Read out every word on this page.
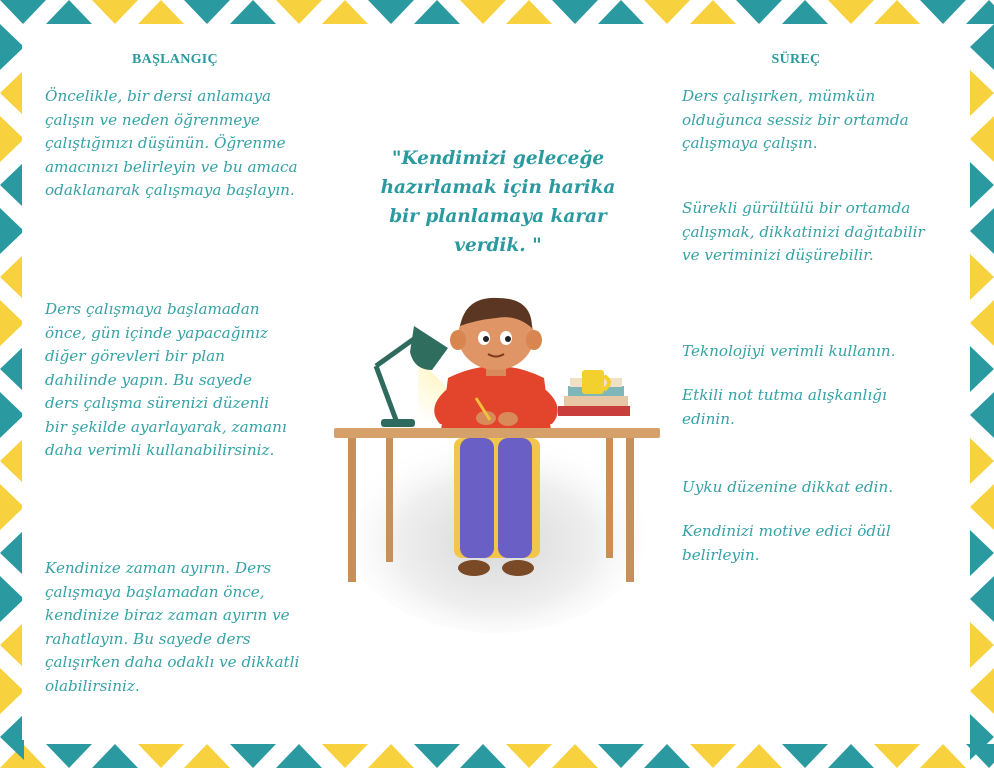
BAŞLANGIÇ

Öncelikle, bir dersi anlamaya çalışın ve neden öğrenmeye çalıştığınızı düşünün. Öğrenme amacınızı belirleyin ve bu amaca odaklanarak çalışmaya başlayın.

Ders çalışmaya başlamadan önce, gün içinde yapacağınız diğer görevleri bir plan dahilinde yapın. Bu sayede ders çalışma sürenizi düzenli bir şekilde ayarlayarak, zamanı daha verimli kullanabilirsiniz.

Kendinize zaman ayırın. Ders çalışmaya başlamadan önce, kendinize biraz zaman ayırın ve rahatlayın. Bu sayede ders çalışırken daha odaklı ve dikkatli olabilirsiniz.

"Kendimizi geleceğe hazırlamak için harika bir planlamaya karar verdik. "

SÜREÇ

Ders çalışırken, mümkün olduğunca sessiz bir ortamda çalışmaya çalışın.

Sürekli gürültülü bir ortamda çalışmak, dikkatinizi dağıtabilir ve veriminizi düşürebilir.

Teknolojiyi verimli kullanın.

Etkili not tutma alışkanlığı edinin.

Uyku düzenine dikkat edin.

Kendinizi motive edici ödül belirleyin.
